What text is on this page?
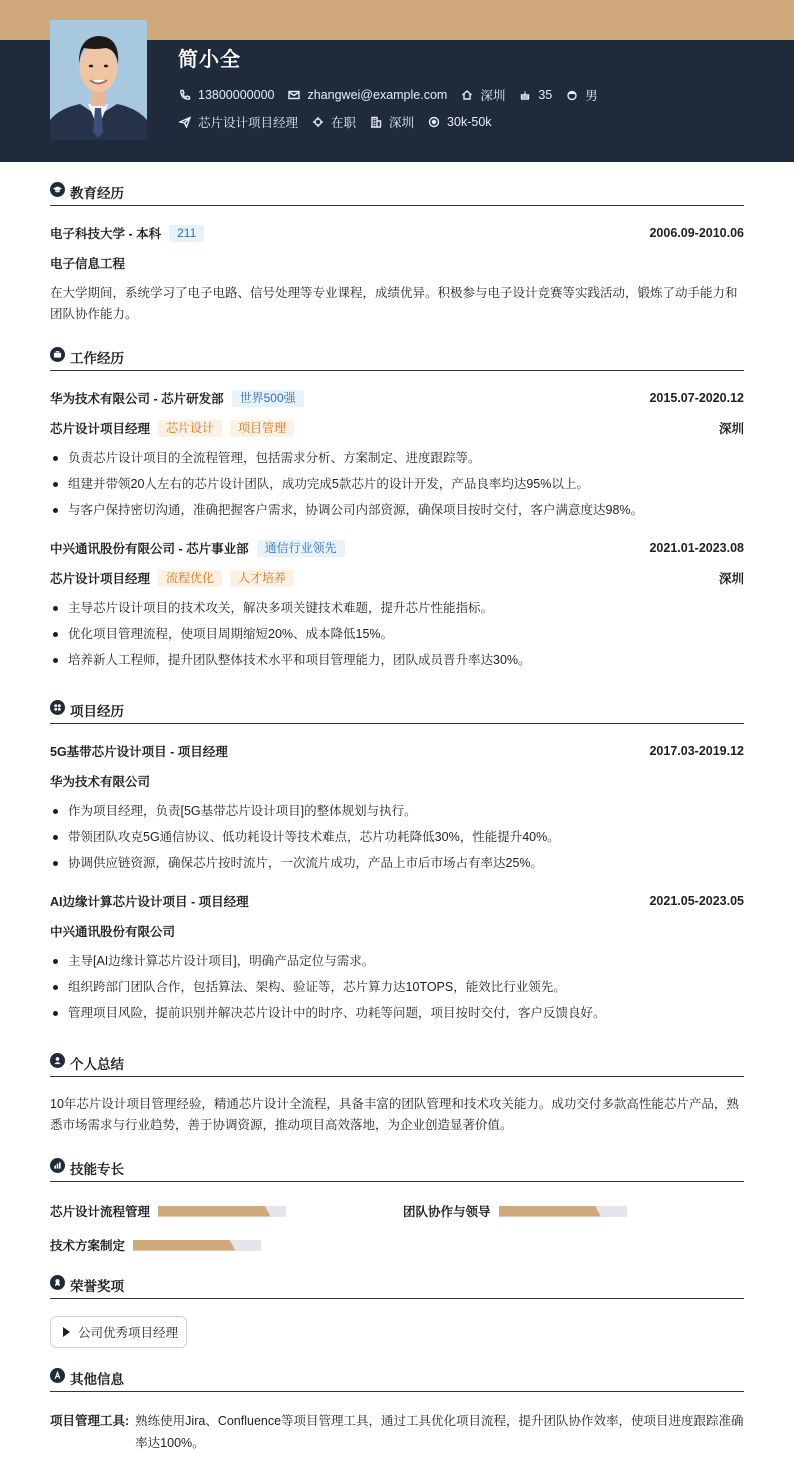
简小全
13800000000	zhangwei@example.com	深圳	35	男
芯片设计项目经理	在职	深圳	30k-50k
教育经历
电子科技大学 - 本科	211	2006.09-2010.06
电子信息工程
在大学期间，系统学习了电子电路、信号处理等专业课程，成绩优异。积极参与电子设计竞赛等实践活动，锻炼了动手能力和团队协作能力。
工作经历
华为技术有限公司 - 芯片研发部	世界500强	2015.07-2020.12
芯片设计项目经理	芯片设计	项目管理	深圳
负责芯片设计项目的全流程管理，包括需求分析、方案制定、进度跟踪等。
组建并带领20人左右的芯片设计团队，成功完成5款芯片的设计开发，产品良率均达95%以上。
与客户保持密切沟通，准确把握客户需求，协调公司内部资源，确保项目按时交付，客户满意度达98%。
中兴通讯股份有限公司 - 芯片事业部	通信行业领先	2021.01-2023.08
芯片设计项目经理	流程优化	人才培养	深圳
主导芯片设计项目的技术攻关，解决多项关键技术难题，提升芯片性能指标。
优化项目管理流程，使项目周期缩短20%、成本降低15%。
培养新人工程师，提升团队整体技术水平和项目管理能力，团队成员晋升率达30%。
项目经历
5G基带芯片设计项目 - 项目经理	2017.03-2019.12
华为技术有限公司
作为项目经理，负责[5G基带芯片设计项目]的整体规划与执行。
带领团队攻克5G通信协议、低功耗设计等技术难点，芯片功耗降低30%，性能提升40%。
协调供应链资源，确保芯片按时流片，一次流片成功，产品上市后市场占有率达25%。
AI边缘计算芯片设计项目 - 项目经理	2021.05-2023.05
中兴通讯股份有限公司
主导[AI边缘计算芯片设计项目]，明确产品定位与需求。
组织跨部门团队合作，包括算法、架构、验证等，芯片算力达10TOPS，能效比行业领先。
管理项目风险，提前识别并解决芯片设计中的时序、功耗等问题，项目按时交付，客户反馈良好。
个人总结
10年芯片设计项目管理经验，精通芯片设计全流程，具备丰富的团队管理和技术攻关能力。成功交付多款高性能芯片产品，熟悉市场需求与行业趋势，善于协调资源，推动项目高效落地，为企业创造显著价值。
技能专长
芯片设计流程管理	团队协作与领导
技术方案制定
荣誉奖项
公司优秀项目经理
其他信息
项目管理工具: 熟练使用Jira、Confluence等项目管理工具，通过工具优化项目流程，提升团队协作效率，使项目进度跟踪准确率达100%。
